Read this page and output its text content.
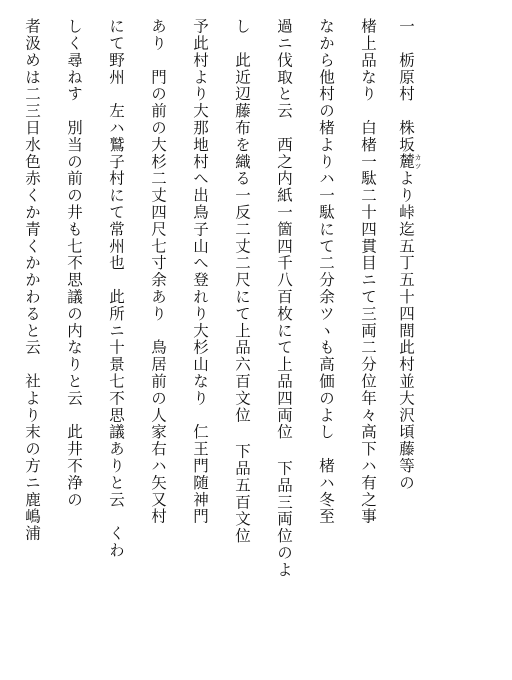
一　栃原村　株坂麓 カツより峠迄五丁五十四間此村並大沢頃藤等の
楮上品なり　白楮一駄二十四貫目ニて三両二分位年々高下ハ有之事
なから他村の楮よりハ一駄にて二分余ツヽも高価のよし　楮ハ冬至
過ニ伐取と云　西之内紙一箇四千八百枚にて上品四両位 下品三両位のよ
し　此近辺藤布を織る一反二丈二尺にて上品六百文位 下品五百文位
予此村より大那地村へ出鳥子山へ登れり大杉山なり　仁王門随神門
あり　門の前の大杉二丈四尺七寸余あり　鳥居前の人家右ハ矢又村
にて野州　左ハ鷲子村にて常州也　此所ニ十景七不思議ありと云　くわ
しく尋ねす　別当の前の井も七不思議の内なりと云　此井不浄の
者汲めは二三日水色赤くか青くかかわると云　社より末の方ニ鹿嶋浦
